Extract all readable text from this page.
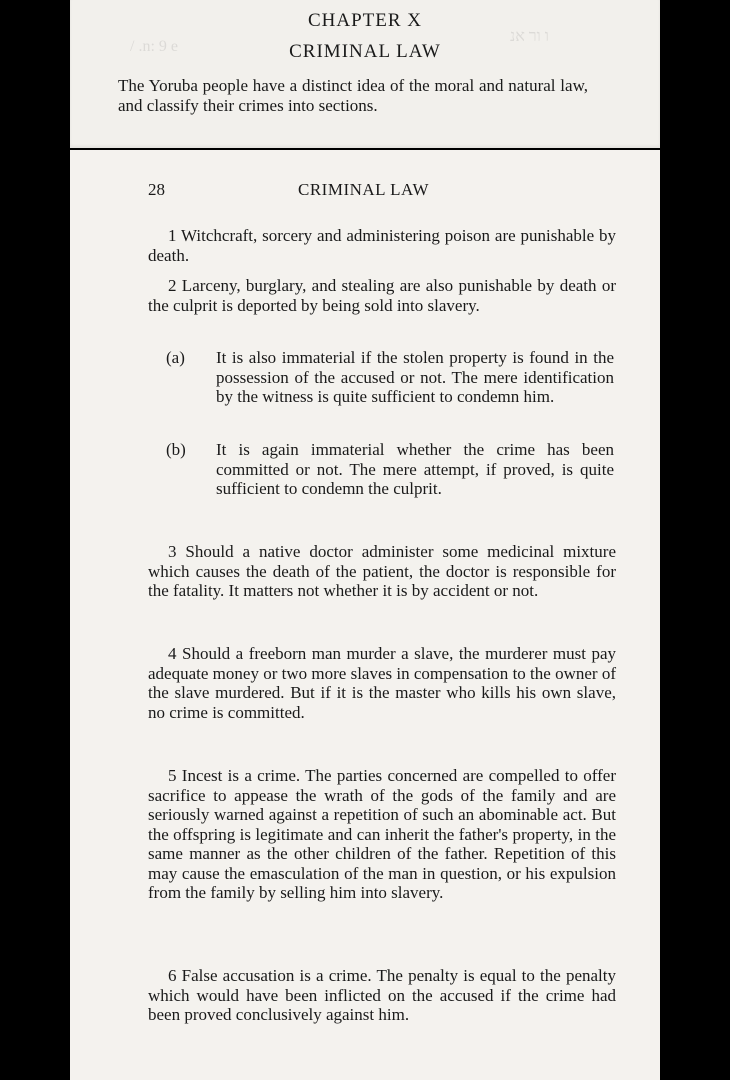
/ .n: 9 e
ו ור אנ
CHAPTER X
CRIMINAL LAW
The Yoruba people have a distinct idea of the moral and natural law, and classify their crimes into sections.
28	CRIMINAL LAW

1 Witchcraft, sorcery and administering poison are punishable by death.

2 Larceny, burglary, and stealing are also punishable by death or the culprit is deported by being sold into slavery.

(a) It is also immaterial if the stolen property is found in the possession of the accused or not. The mere identification by the witness is quite sufficient to condemn him.
(b) It is again immaterial whether the crime has been committed or not. The mere attempt, if proved, is quite sufficient to condemn the culprit.

3 Should a native doctor administer some medicinal mixture which causes the death of the patient, the doctor is responsible for the fatality. It matters not whether it is by accident or not.

4 Should a freeborn man murder a slave, the murderer must pay adequate money or two more slaves in compensation to the owner of the slave murdered. But if it is the master who kills his own slave, no crime is committed.

5 Incest is a crime. The parties concerned are compelled to offer sacrifice to appease the wrath of the gods of the family and are seriously warned against a repetition of such an abominable act. But the offspring is legitimate and can inherit the father's property, in the same manner as the other children of the father. Repetition of this may cause the emasculation of the man in question, or his expulsion from the family by selling him into slavery.

6 False accusation is a crime. The penalty is equal to the penalty which would have been inflicted on the accused if the crime had been proved conclusively against him.
